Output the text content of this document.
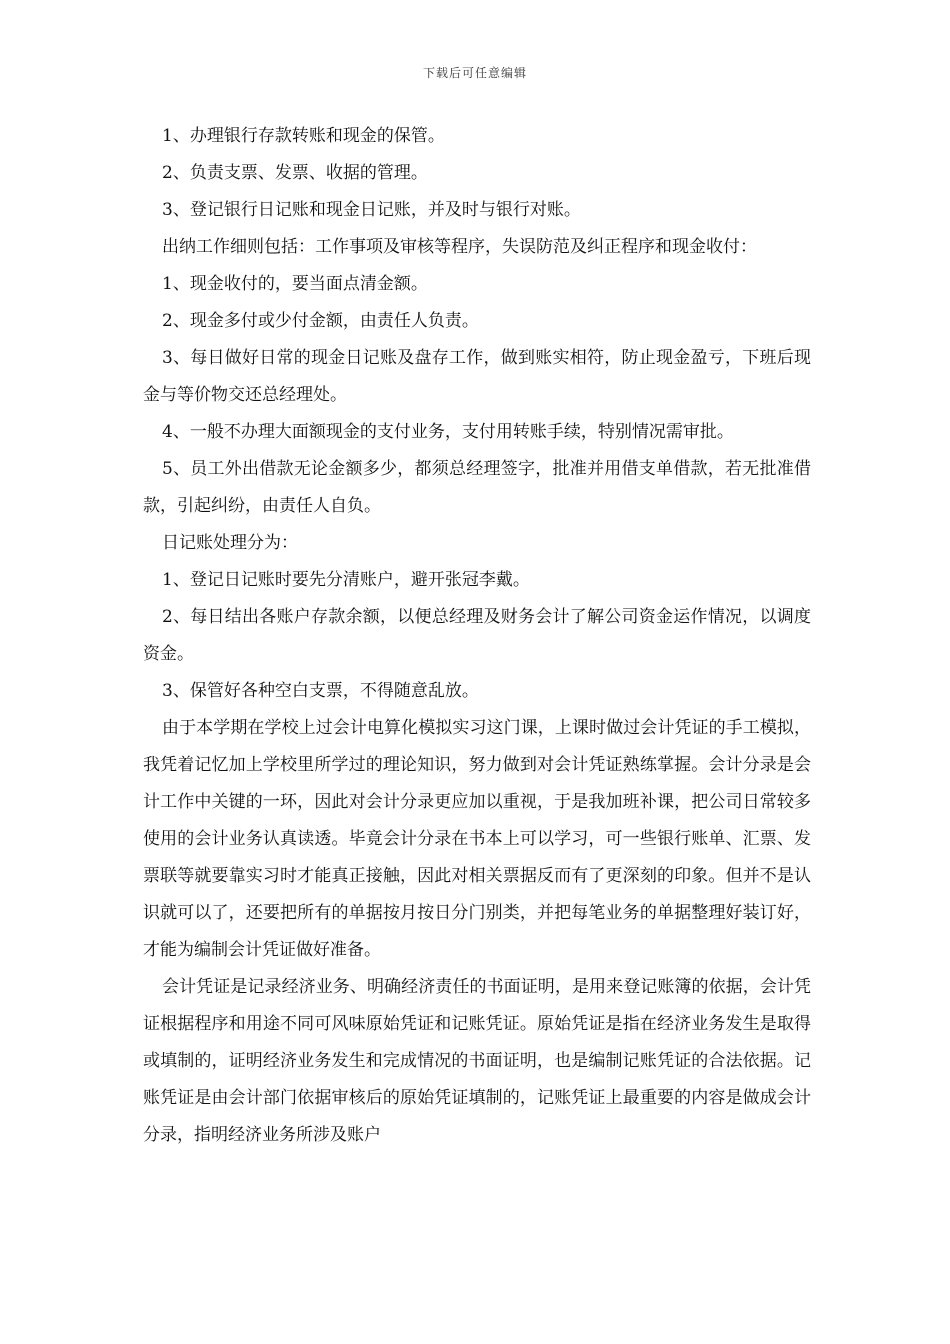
下载后可任意编辑

1、办理银行存款转账和现金的保管。

2、负责支票、发票、收据的管理。

3、登记银行日记账和现金日记账，并及时与银行对账。

出纳工作细则包括：工作事项及审核等程序，失误防范及纠正程序和现金收付：

1、现金收付的，要当面点清金额。

2、现金多付或少付金额，由责任人负责。

3、每日做好日常的现金日记账及盘存工作，做到账实相符，防止现金盈亏，下班后现金与等价物交还总经理处。

4、一般不办理大面额现金的支付业务，支付用转账手续，特别情况需审批。

5、员工外出借款无论金额多少，都须总经理签字，批准并用借支单借款，若无批准借款，引起纠纷，由责任人自负。

日记账处理分为：

1、登记日记账时要先分清账户，避开张冠李戴。

2、每日结出各账户存款余额，以便总经理及财务会计了解公司资金运作情况，以调度资金。

3、保管好各种空白支票，不得随意乱放。

由于本学期在学校上过会计电算化模拟实习这门课，上课时做过会计凭证的手工模拟，我凭着记忆加上学校里所学过的理论知识，努力做到对会计凭证熟练掌握。会计分录是会计工作中关键的一环，因此对会计分录更应加以重视，于是我加班补课，把公司日常较多使用的会计业务认真读透。毕竟会计分录在书本上可以学习，可一些银行账单、汇票、发票联等就要靠实习时才能真正接触，因此对相关票据反而有了更深刻的印象。但并不是认识就可以了，还要把所有的单据按月按日分门别类，并把每笔业务的单据整理好装订好，才能为编制会计凭证做好准备。

会计凭证是记录经济业务、明确经济责任的书面证明，是用来登记账簿的依据，会计凭证根据程序和用途不同可风味原始凭证和记账凭证。原始凭证是指在经济业务发生是取得或填制的，证明经济业务发生和完成情况的书面证明，也是编制记账凭证的合法依据。记账凭证是由会计部门依据审核后的原始凭证填制的，记账凭证上最重要的内容是做成会计分录，指明经济业务所涉及账户
